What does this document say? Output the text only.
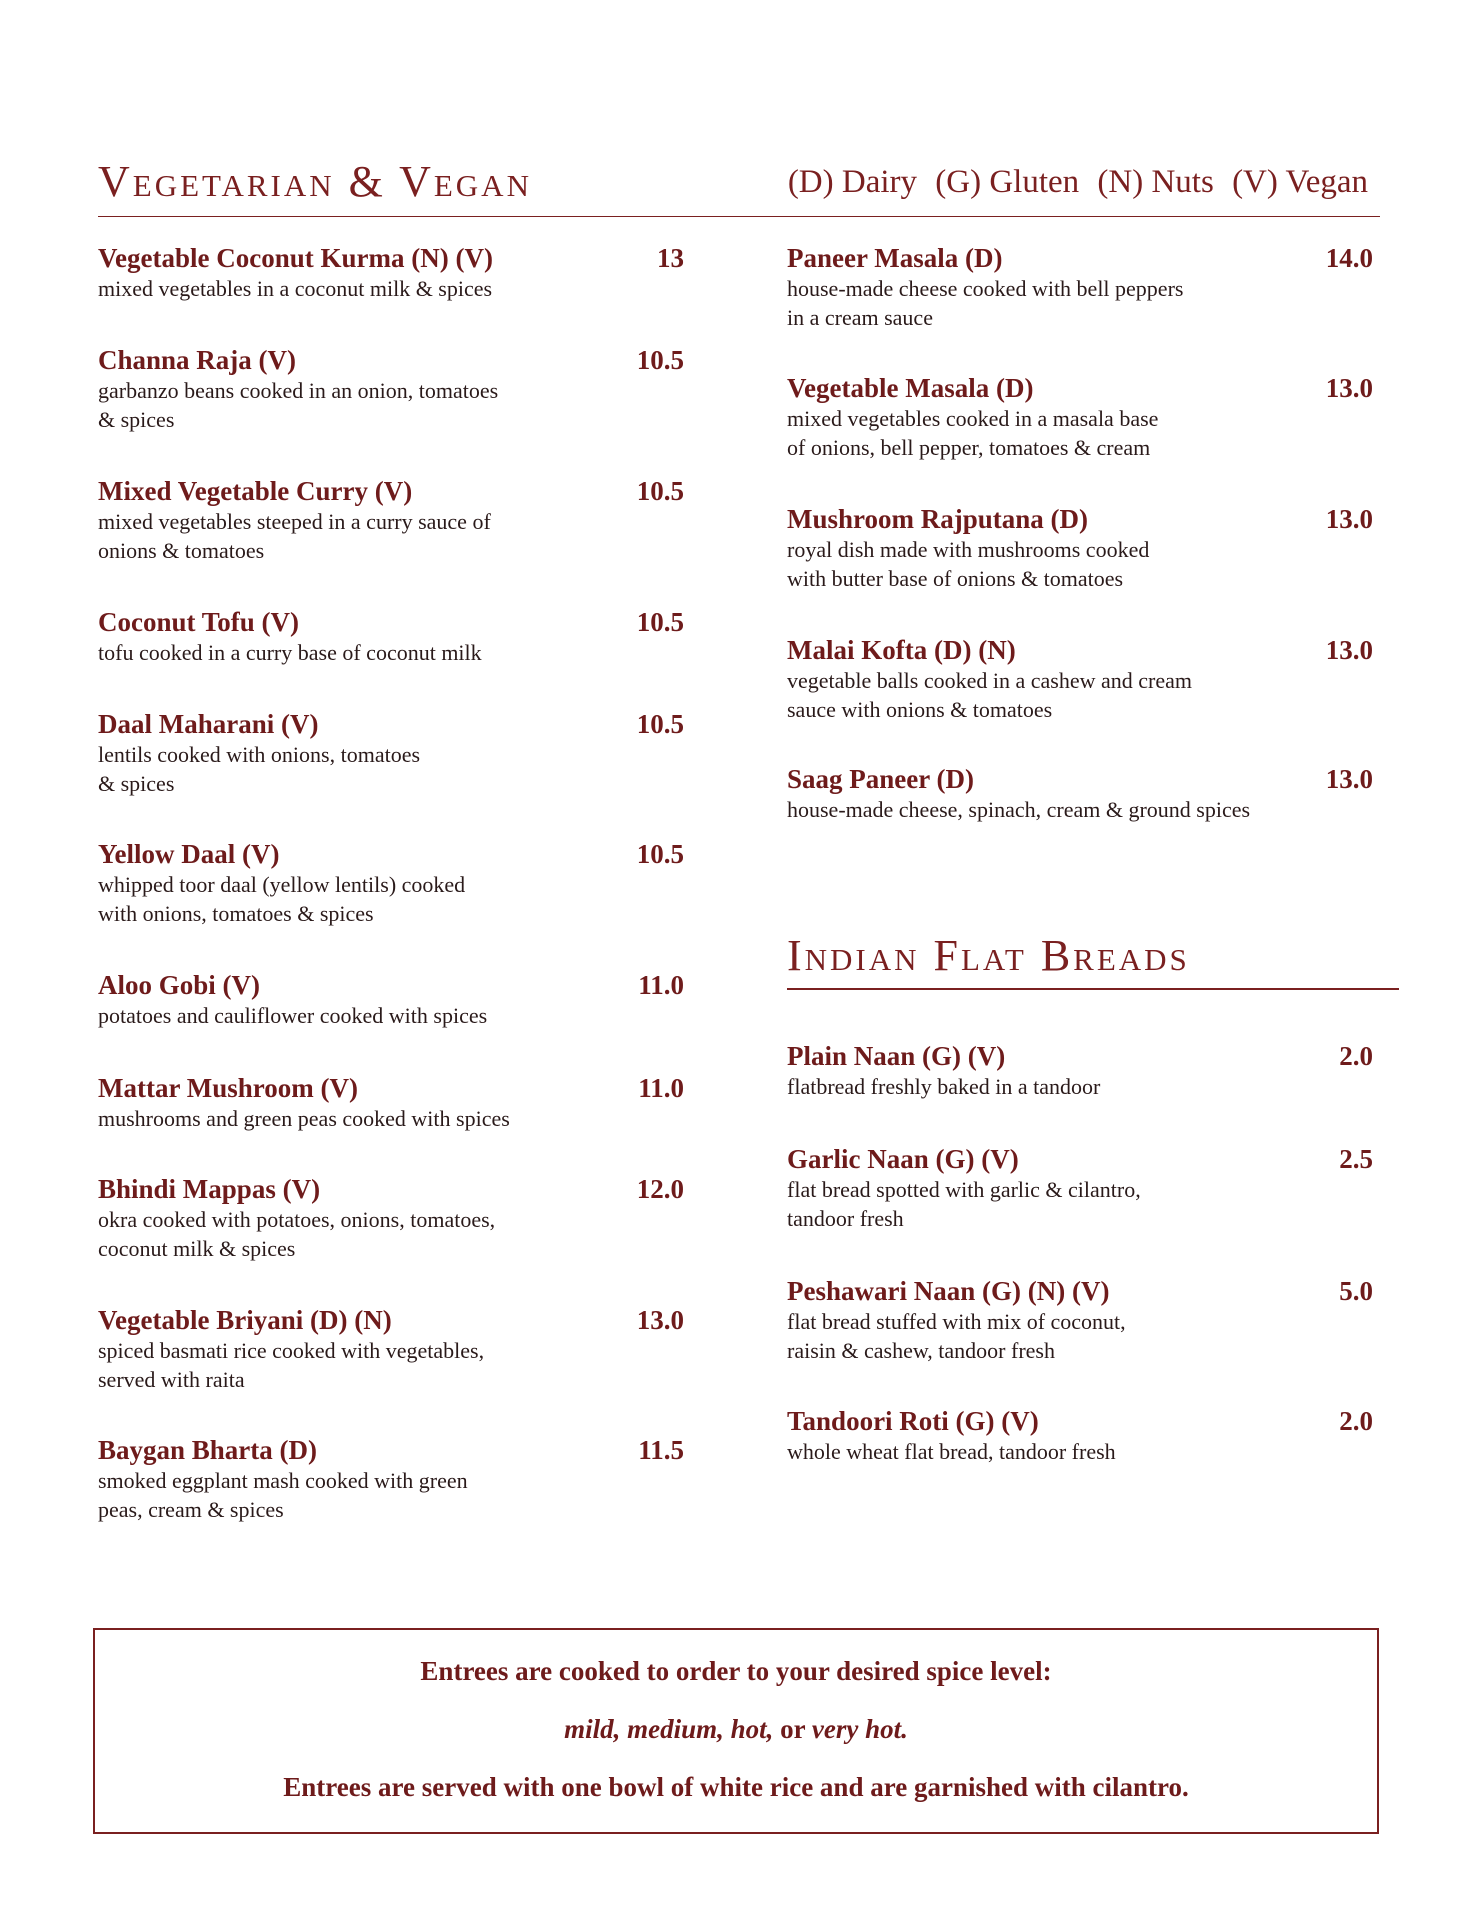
Vegetarian & Vegan	(D) Dairy (G) Gluten (N) Nuts (V) Vegan
Vegetable Coconut Kurma (N) (V)	13
mixed vegetables in a coconut milk & spices
Channa Raja (V)	10.5
garbanzo beans cooked in an onion, tomatoes
& spices
Mixed Vegetable Curry (V)	10.5
mixed vegetables steeped in a curry sauce of
onions & tomatoes
Coconut Tofu (V)	10.5
tofu cooked in a curry base of coconut milk
Daal Maharani (V)	10.5
lentils cooked with onions, tomatoes
& spices
Yellow Daal (V)	10.5
whipped toor daal (yellow lentils) cooked
with onions, tomatoes & spices
Aloo Gobi (V)	11.0
potatoes and cauliflower cooked with spices
Mattar Mushroom (V)	11.0
mushrooms and green peas cooked with spices
Bhindi Mappas (V)	12.0
okra cooked with potatoes, onions, tomatoes,
coconut milk & spices
Vegetable Briyani (D) (N)	13.0
spiced basmati rice cooked with vegetables,
served with raita
Baygan Bharta (D)	11.5
smoked eggplant mash cooked with green
peas, cream & spices
Paneer Masala (D)	14.0
house-made cheese cooked with bell peppers
in a cream sauce
Vegetable Masala (D)	13.0
mixed vegetables cooked in a masala base
of onions, bell pepper, tomatoes & cream
Mushroom Rajputana (D)	13.0
royal dish made with mushrooms cooked
with butter base of onions & tomatoes
Malai Kofta (D) (N)	13.0
vegetable balls cooked in a cashew and cream
sauce with onions & tomatoes
Saag Paneer (D)	13.0
house-made cheese, spinach, cream & ground spices
Indian Flat Breads
Plain Naan (G) (V)	2.0
flatbread freshly baked in a tandoor
Garlic Naan (G) (V)	2.5
flat bread spotted with garlic & cilantro,
tandoor fresh
Peshawari Naan (G) (N) (V)	5.0
flat bread stuffed with mix of coconut,
raisin & cashew, tandoor fresh
Tandoori Roti (G) (V)	2.0
whole wheat flat bread, tandoor fresh

Entrees are cooked to order to your desired spice level:

mild, medium, hot, or very hot.

Entrees are served with one bowl of white rice and are garnished with cilantro.
